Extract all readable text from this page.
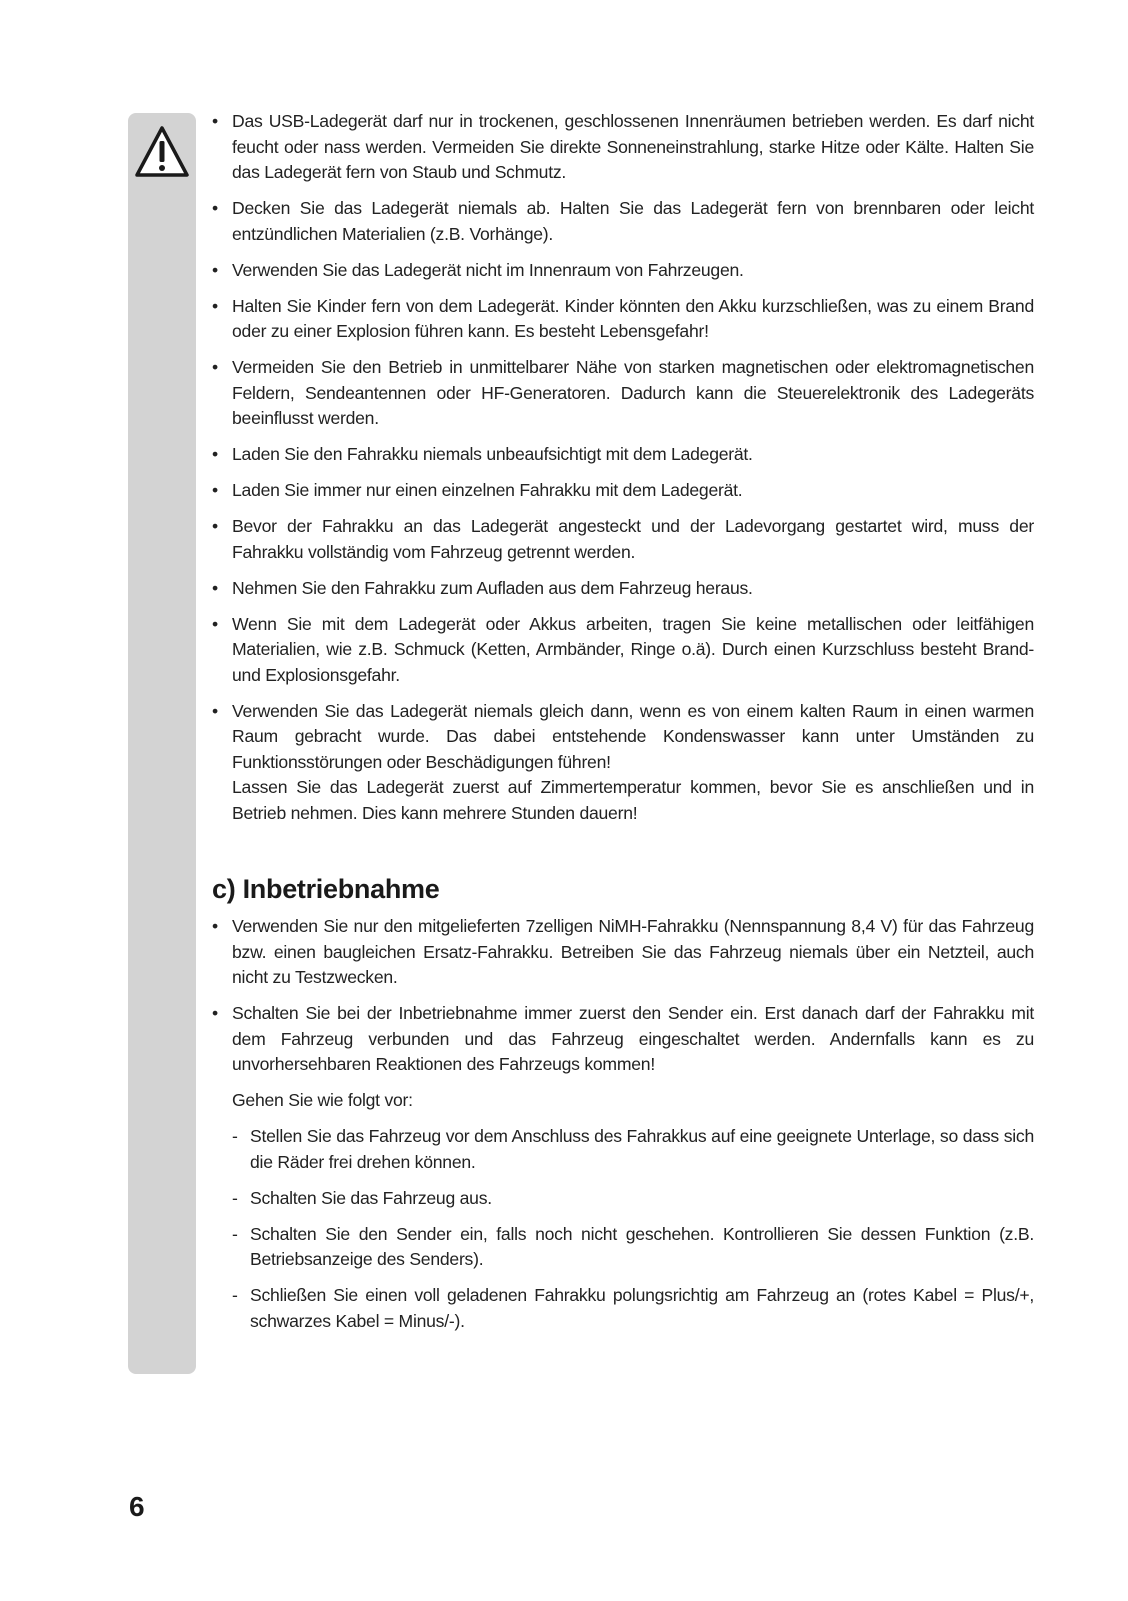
• Das USB-Ladegerät darf nur in trockenen, geschlossenen Innenräumen betrieben werden. Es darf nicht feucht oder nass werden. Vermeiden Sie direkte Sonneneinstrahlung, starke Hitze oder Kälte. Halten Sie das Ladegerät fern von Staub und Schmutz.

• Decken Sie das Ladegerät niemals ab. Halten Sie das Ladegerät fern von brennbaren oder leicht entzündlichen Materialien (z.B. Vorhänge).

• Verwenden Sie das Ladegerät nicht im Innenraum von Fahrzeugen.

• Halten Sie Kinder fern von dem Ladegerät. Kinder könnten den Akku kurzschließen, was zu einem Brand oder zu einer Explosion führen kann. Es besteht Lebensgefahr!

• Vermeiden Sie den Betrieb in unmittelbarer Nähe von starken magnetischen oder elektromagnetischen Feldern, Sendeantennen oder HF-Generatoren. Dadurch kann die Steuerelektronik des Ladegeräts beeinflusst werden.

• Laden Sie den Fahrakku niemals unbeaufsichtigt mit dem Ladegerät.

• Laden Sie immer nur einen einzelnen Fahrakku mit dem Ladegerät.

• Bevor der Fahrakku an das Ladegerät angesteckt und der Ladevorgang gestartet wird, muss der Fahrakku vollständig vom Fahrzeug getrennt werden.

• Nehmen Sie den Fahrakku zum Aufladen aus dem Fahrzeug heraus.

• Wenn Sie mit dem Ladegerät oder Akkus arbeiten, tragen Sie keine metallischen oder leitfähigen Materialien, wie z.B. Schmuck (Ketten, Armbänder, Ringe o.ä). Durch einen Kurzschluss besteht Brand- und Explosionsgefahr.

• Verwenden Sie das Ladegerät niemals gleich dann, wenn es von einem kalten Raum in einen warmen Raum gebracht wurde. Das dabei entstehende Kondenswasser kann unter Umständen zu Funktionsstörungen oder Beschädigungen führen!

Lassen Sie das Ladegerät zuerst auf Zimmertemperatur kommen, bevor Sie es anschließen und in Betrieb nehmen. Dies kann mehrere Stunden dauern!

c) Inbetriebnahme
• Verwenden Sie nur den mitgelieferten 7zelligen NiMH-Fahrakku (Nennspannung 8,4 V) für das Fahrzeug bzw. einen baugleichen Ersatz-Fahrakku. Betreiben Sie das Fahrzeug niemals über ein Netzteil, auch nicht zu Testzwecken.

• Schalten Sie bei der Inbetriebnahme immer zuerst den Sender ein. Erst danach darf der Fahrakku mit dem Fahrzeug verbunden und das Fahrzeug eingeschaltet werden. Andernfalls kann es zu unvorhersehbaren Reaktionen des Fahrzeugs kommen!

Gehen Sie wie folgt vor:

- Stellen Sie das Fahrzeug vor dem Anschluss des Fahrakkus auf eine geeignete Unterlage, so dass sich die Räder frei drehen können.

- Schalten Sie das Fahrzeug aus.

- Schalten Sie den Sender ein, falls noch nicht geschehen. Kontrollieren Sie dessen Funktion (z.B. Betriebsanzeige des Senders).

- Schließen Sie einen voll geladenen Fahrakku polungsrichtig am Fahrzeug an (rotes Kabel = Plus/+, schwarzes Kabel = Minus/-).

6
